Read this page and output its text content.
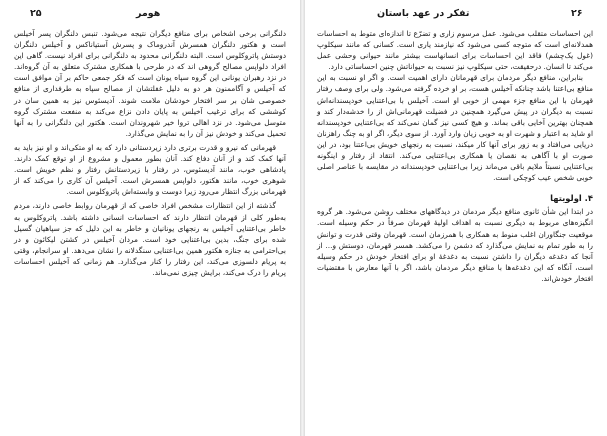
۲۵	هومر

دلنگرانی برخی اشخاص برای منافع دیگران نتیجه می‌شود. تنبس دلنگران پسر آخیلس است و هکتور دلنگران همسرش آندروماک و پسرش آستیاناکس و آخیلس دلنگران دوستش پاتروکلوس است. البته دلنگرانی محدود به دلنگرانی برای افراد نیست. گاهی این افراد دلواپس مصالح گروهی اند که در طرحی با همکاری مشترک متعلق به آن گروه‌اند. در نزد رهبران یونانی این گروه سپاه یونان است که فکر جمعی حاکم بر آن موافق است که آخیلس و آگاممنون هر دو به دلیل غفلتشان از مصالح سپاه به طرفداری از منافع خصوصی شان بر سر افتخار خودشان ملامت شوند. آدیسئوس نیز به همین سان در کوششی که برای ترغیب آخیلس به پایان دادن نزاع می‌کند به منفعت مشترک گروه متوسل می‌شود. در نزد اهالی تروا خیر شهروندان است. هکتور این دلنگرانی را به آنها تحمیل می‌کند و خودش نیز آن را به نمایش می‌گذارد.

قهرمانی که نیرو و قدرت برتری دارد زیردستانی دارد که به او متکی‌اند و او نیز باید به آنها کمک کند و از آنان دفاع کند. آنان بطور معمول و مشروع از او توقع کمک دارند. پادشاهی خوب، مانند آدیسئوس، در رفتار با زیردستانش رفتار و نظم خویش است. شوهری خوب، مانند هکتور، دلواپس همسرش است. آخیلس آن کاری را می‌کند که از قهرمانی بزرگ انتظار می‌رود زیرا دوست و وابسته‌اش پاتروکلوس است.

گذشته از این انتظارات مشخص افراد خاصی که از قهرمان روابط خاصی دارند، مردم به‌طور کلی از قهرمان انتظار دارند که احساسات انسانی داشته باشد. پاتروکلوس به خاطر بی‌اعتنایی آخیلس به رنجهای یونانیان و خاطر به این دلیل که جز سپاهیان گسیل شده برای جنگ، بدین بی‌اعتنایی خود است. مردان آخیلس در کشتن لیکائون و در بی‌احترامی به جنازه هکتور همین بی‌اعتنایی سنگدلانه را نشان می‌دهد. او سرانجام، وقتی به پریام دلسوزی می‌کند، این رفتار را کنار می‌گذارد. هم زمانی که آخیلس احساسات پریام را درک می‌کند، برایش چیزی نمی‌ماند.

تفکر در عهد باستان	۲۶

این احساسات متقلب می‌شود. عمل مرسوم زاری و تضرّع تا اندازه‌ای متوط به احساسات همدلانه‌ای است که متوجه کسی می‌شود که نیازمند یاری است. کسانی که مانند سیکلوپ (غول یک‌چشم) فاقد این احساسات برای انسانهاست بیشتر مانند حیوانی وحشی عمل می‌کند تا انسان. درحقیقت، حتی سیکلوپ نیز نسبت به حیواناتش چنین احساساتی دارد.

بنابراین، منافع دیگر مردمان برای قهرمانان دارای اهمیت است. و اگر او نسبت به این منافع بی‌اعتنا باشد چنانکه آخیلس هست، بر او خرده گرفته می‌شود. ولی برای وصف رفتار قهرمان با این منافع جزء مهمی از خوبی او است. آخیلس با بی‌اعتنایی خودپسندانه‌اش نسبت به دیگران در پیش می‌گیرد همچنین در فضیلت قهرمانی‌اش از را خدشه‌دار کند و همچنان بهترین آخایی باقی بماند. و هیچ کسی نیز گمان نمی‌کند که بی‌اعتنایی خودپسندانه او شاید به اعتبار و شهرت او به خوبی زیان وارد آورد. از سوی دیگر، اگر او به چنگ راهزنان دریایی می‌افتاد و به زور برای آنها کار میکند، نسبت به رنجهای خویش بی‌اعتنا بود، در این صورت او با آگاهی به نقصان یا همکاری بی‌اعتنایی می‌کند. انتقاد از رفتار و اینگونه بی‌اعتنایی نسبتاً ملایم باقی می‌ماند زیرا بی‌اعتنایی خودپسندانه در مقایسه با عناصر اصلی خوبی شخص عیب کوچکی است.

۴. اولویتها

در ابتدا این شأن ثانوی منافع دیگر مردمان در دیدگاههای مختلف روشن می‌شود. هر گروه انگیزه‌های مربوط به دیگری نسبت به اهداف اولیهٔ قهرمان صرفاً در حکم وسیله است. موقعیت جنگاوران اغلب منوط به همکاری با همرزمان است. قهرمان وقتی قدرت و توانش را به طور تمام به نمایش می‌گذارد که دشمن را می‌کشد. همسر قهرمان، دوستش و... از آنجا که دغدغه دیگران را داشتن نسبت به دغدغهٔ او برای افتخار خودش در حکم وسیله است، آنگاه که این دغدغه‌ها با منافع دیگر مردمان باشد، اگر با آنها معارض با مقتضیات افتخار خودش‌اند.
